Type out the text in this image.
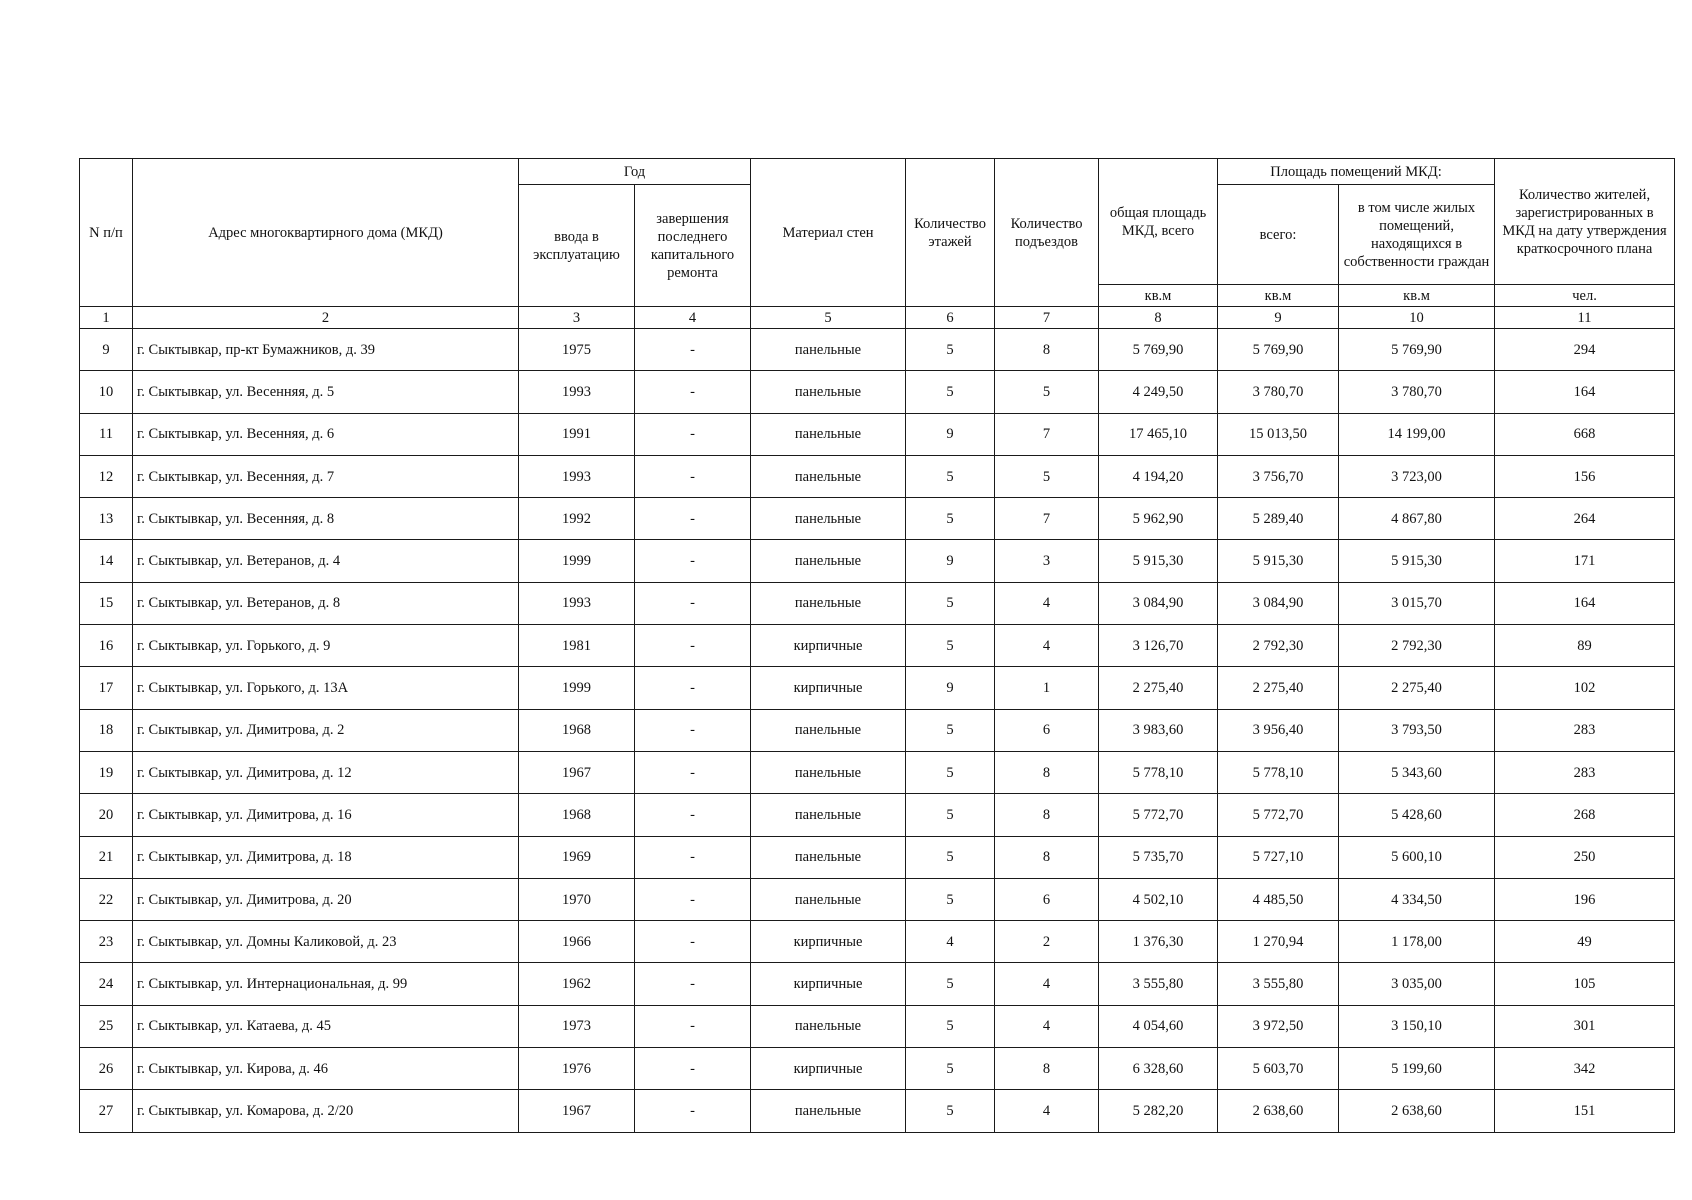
N п/п	Адрес многоквартирного дома (МКД)	Год		Материал стен	Количество этажей	Количество подъездов	общая площадь МКД, всего	Площадь помещений МКД:		Количество жителей, зарегистрированных в МКД на дату утверждения краткосрочного плана
		ввода в эксплуатацию	завершения последнего капитального ремонта					всего:	в том числе жилых помещений, находящихся в собственности граждан	
							кв.м	кв.м	кв.м	чел.
1	2	3	4	5	6	7	8	9	10	11
9	г. Сыктывкар, пр-кт Бумажников, д. 39	1975	-	панельные	5	8	5 769,90	5 769,90	5 769,90	294
10	г. Сыктывкар, ул. Весенняя, д. 5	1993	-	панельные	5	5	4 249,50	3 780,70	3 780,70	164
11	г. Сыктывкар, ул. Весенняя, д. 6	1991	-	панельные	9	7	17 465,10	15 013,50	14 199,00	668
12	г. Сыктывкар, ул. Весенняя, д. 7	1993	-	панельные	5	5	4 194,20	3 756,70	3 723,00	156
13	г. Сыктывкар, ул. Весенняя, д. 8	1992	-	панельные	5	7	5 962,90	5 289,40	4 867,80	264
14	г. Сыктывкар, ул. Ветеранов, д. 4	1999	-	панельные	9	3	5 915,30	5 915,30	5 915,30	171
15	г. Сыктывкар, ул. Ветеранов, д. 8	1993	-	панельные	5	4	3 084,90	3 084,90	3 015,70	164
16	г. Сыктывкар, ул. Горького, д. 9	1981	-	кирпичные	5	4	3 126,70	2 792,30	2 792,30	89
17	г. Сыктывкар, ул. Горького, д. 13А	1999	-	кирпичные	9	1	2 275,40	2 275,40	2 275,40	102
18	г. Сыктывкар, ул. Димитрова, д. 2	1968	-	панельные	5	6	3 983,60	3 956,40	3 793,50	283
19	г. Сыктывкар, ул. Димитрова, д. 12	1967	-	панельные	5	8	5 778,10	5 778,10	5 343,60	283
20	г. Сыктывкар, ул. Димитрова, д. 16	1968	-	панельные	5	8	5 772,70	5 772,70	5 428,60	268
21	г. Сыктывкар, ул. Димитрова, д. 18	1969	-	панельные	5	8	5 735,70	5 727,10	5 600,10	250
22	г. Сыктывкар, ул. Димитрова, д. 20	1970	-	панельные	5	6	4 502,10	4 485,50	4 334,50	196
23	г. Сыктывкар, ул. Домны Каликовой, д. 23	1966	-	кирпичные	4	2	1 376,30	1 270,94	1 178,00	49
24	г. Сыктывкар, ул. Интернациональная, д. 99	1962	-	кирпичные	5	4	3 555,80	3 555,80	3 035,00	105
25	г. Сыктывкар, ул. Катаева, д. 45	1973	-	панельные	5	4	4 054,60	3 972,50	3 150,10	301
26	г. Сыктывкар, ул. Кирова, д. 46	1976	-	кирпичные	5	8	6 328,60	5 603,70	5 199,60	342
27	г. Сыктывкар, ул. Комарова, д. 2/20	1967	-	панельные	5	4	5 282,20	2 638,60	2 638,60	151
